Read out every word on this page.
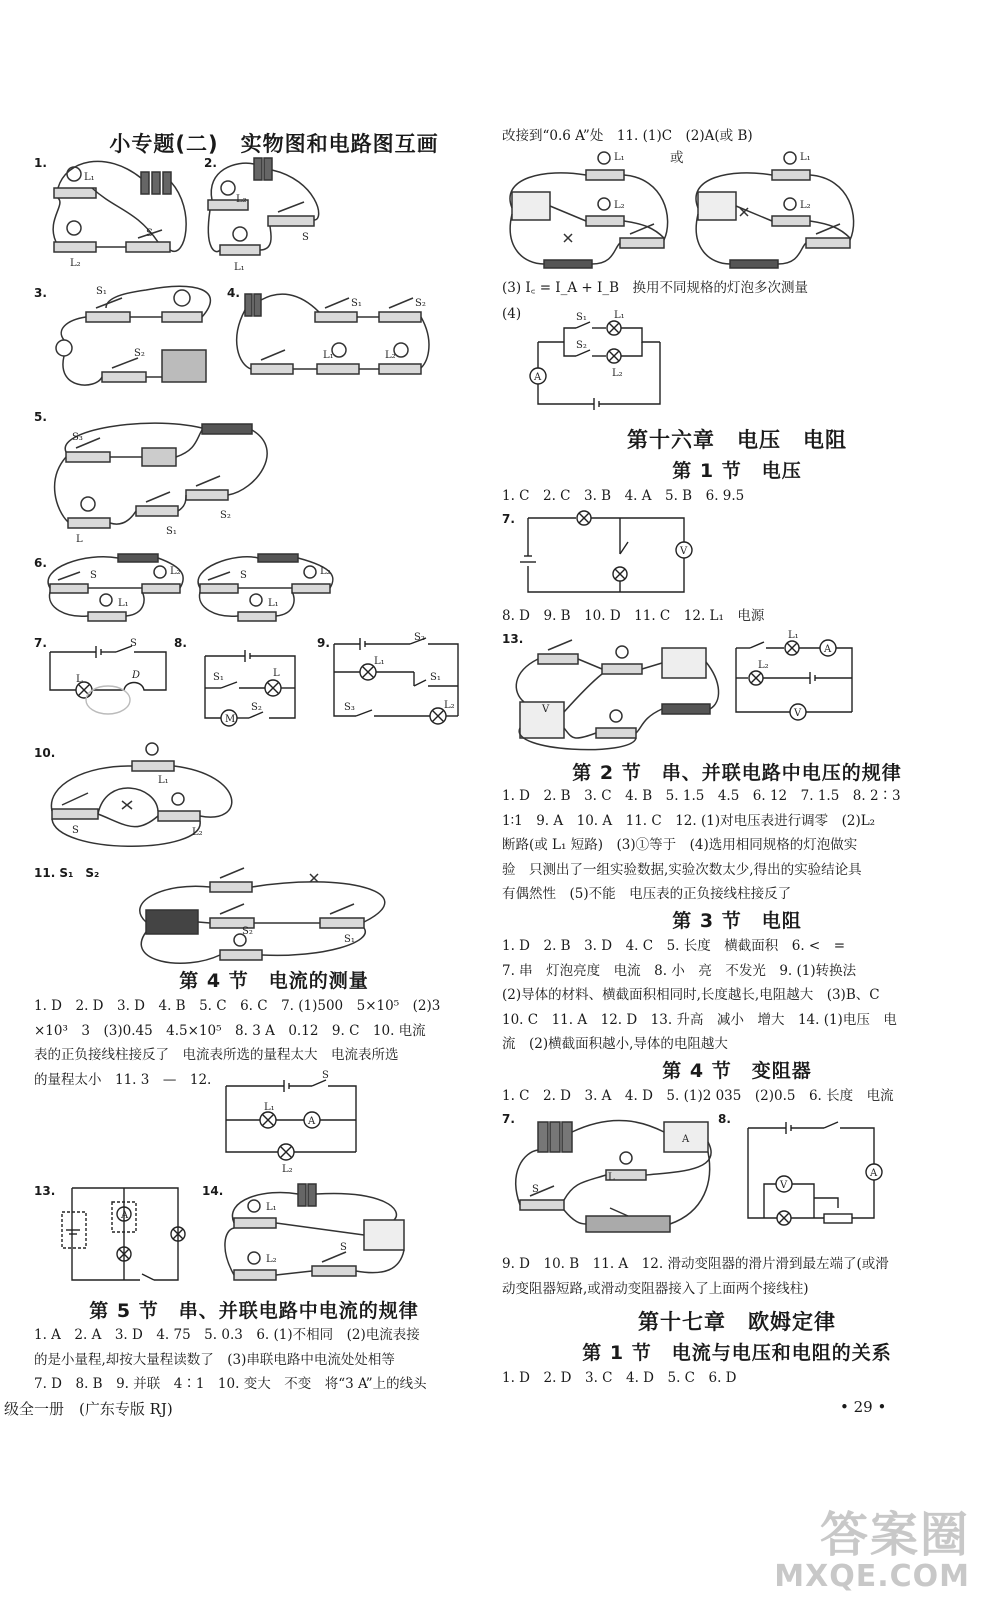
小专题(二)　实物图和电路图互画
1.	2.
3.	4.
5.
6.
7.	8.	9.
10.
11. S₁　S₂
L₁
L₂
S
L₂
L₁
S
S₁
S₂
S₁	S₂
L₁	L₂
S₃
L
S₁
S₂
S	L₂
L₁
S	L₂
L₁
L	D
S
S₁	L
M
S₂
S₂
L₁
S₁
S₃	L₂
L₁
S	L₂
S₂
S₁
第 4 节　电流的测量
1. D　2. D　3. D　4. B　5. C　6. C　7. (1)500　5×10⁵　(2)3
×10³　3　(3)0.45　4.5×10⁵　8. 3 A　0.12　9. C　10. 电流
表的正负接线柱接反了　电流表所选的量程太大　电流表所选
的量程太小　11. 3　—　12.	S
L₁
A
L₂
13.	14.
A
L₁
L₂
S
第 5 节　串、并联电路中电流的规律
1. A　2. A　3. D　4. 75　5. 0.3　6. (1)不相同　(2)电流表接
的是小量程,却按大量程读数了　(3)串联电路中电流处处相等
7. D　8. B　9. 并联　4∶1　10. 变大　不变　将“3 A”上的线头
级全一册　(广东专版 RJ)
改接到“0.6 A”处　11. (1)C　(2)A(或 B)
或
L₁
L₂
L₁
L₂
(3) I꜀ = I_A + I_B　换用不同规格的灯泡多次测量
(4)	S₁	L₁
S₂
L₂
A
第十六章　电压　电阻
第 1 节　电压
1. C　2. C　3. B　4. A　5. B　6. 9.5
7.
V
8. D　9. B　10. D　11. C　12. L₁　电源
13.
V
L₁
A
L₂
V
第 2 节　串、并联电路中电压的规律
1. D　2. B　3. C　4. B　5. 1.5　4.5　6. 12　7. 1.5　8. 2∶3
1∶1　9. A　10. A　11. C　12. (1)对电压表进行调零　(2)L₂
断路(或 L₁ 短路)　(3)①等于　(4)选用相同规格的灯泡做实
验　只测出了一组实验数据,实验次数太少,得出的实验结论具
有偶然性　(5)不能　电压表的正负接线柱接反了
第 3 节　电阻
1. D　2. B　3. D　4. C　5. 长度　横截面积　6. <　=
7. 串　灯泡亮度　电流　8. 小　亮　不发光　9. (1)转换法
(2)导体的材料、横截面积相同时,长度越长,电阻越大　(3)B、C
10. C　11. A　12. D　13. 升高　减小　增大　14. (1)电压　电
流　(2)横截面积越小,导体的电阻越大
第 4 节　变阻器
1. C　2. D　3. A　4. D　5. (1)2 035　(2)0.5　6. 长度　电流
7.	8.
A
L
S	V
A
9. D　10. B　11. A　12. 滑动变阻器的滑片滑到最左端了(或滑
动变阻器短路,或滑动变阻器接入了上面两个接线柱)
第十七章　欧姆定律
第 1 节　电流与电压和电阻的关系
1. D　2. D　3. C　4. D　5. C　6. D
• 29 •
答案圈
MXQE.COM
